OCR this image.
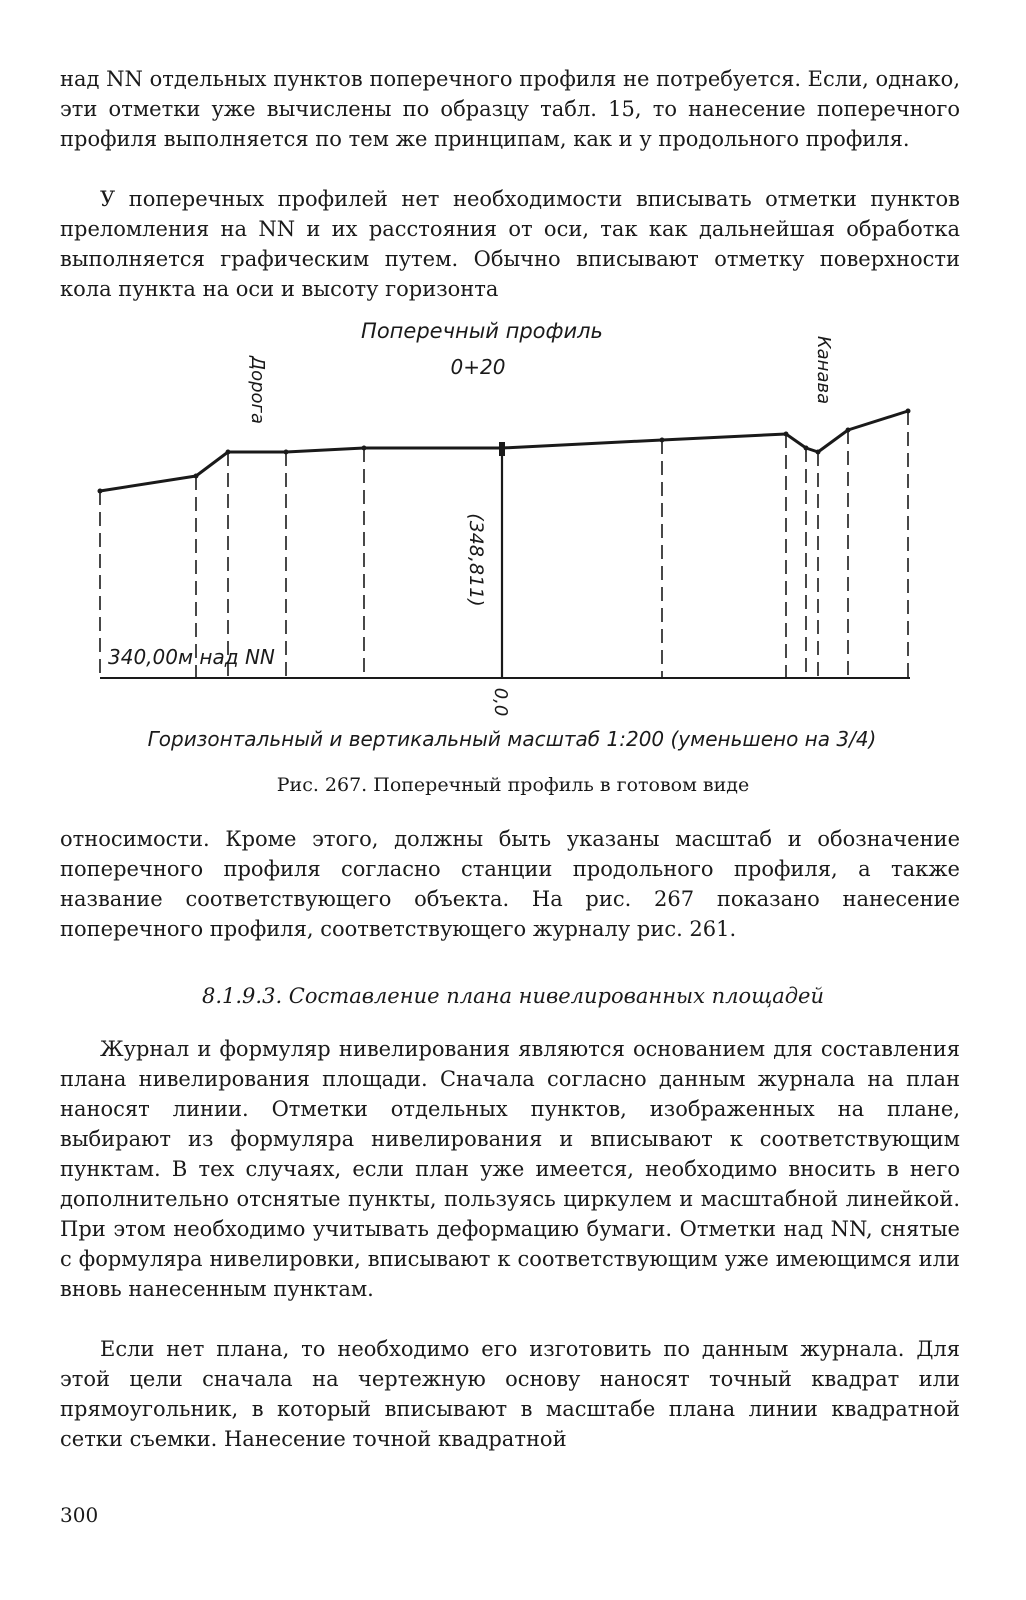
над NN отдельных пунктов поперечного профиля не потребуется. Если, однако, эти отметки уже вычислены по образцу табл. 15, то нанесение поперечного профиля выполняется по тем же принципам, как и у продольного профиля.

У поперечных профилей нет необходимости вписывать отметки пунктов преломления на NN и их расстояния от оси, так как дальнейшая обработка выполняется графическим путем. Обычно вписывают отметку поверхности кола пункта на оси и высоту горизонта

Поперечный профиль
0+20
Дорога	Канава
(348,811)
340,00м над NN
0,0
Горизонтальный и вертикальный масштаб 1:200 (уменьшено на 3/4)

Рис. 267. Поперечный профиль в готовом виде

относимости. Кроме этого, должны быть указаны масштаб и обозначение поперечного профиля согласно станции продольного профиля, а также название соответствующего объекта. На рис. 267 показано нанесение поперечного профиля, соответствующего журналу рис. 261.

8.1.9.3. Составление плана нивелированных площадей

Журнал и формуляр нивелирования являются основанием для составления плана нивелирования площади. Сначала согласно данным журнала на план наносят линии. Отметки отдельных пунктов, изображенных на плане, выбирают из формуляра нивелирования и вписывают к соответствующим пунктам. В тех случаях, если план уже имеется, необходимо вносить в него дополнительно отснятые пункты, пользуясь циркулем и масштабной линейкой. При этом необходимо учитывать деформацию бумаги. Отметки над NN, снятые с формуляра нивелировки, вписывают к соответствующим уже имеющимся или вновь нанесенным пунктам.

Если нет плана, то необходимо его изготовить по данным журнала. Для этой цели сначала на чертежную основу наносят точный квадрат или прямоугольник, в который вписывают в масштабе плана линии квадратной сетки съемки. Нанесение точной квадратной

300
